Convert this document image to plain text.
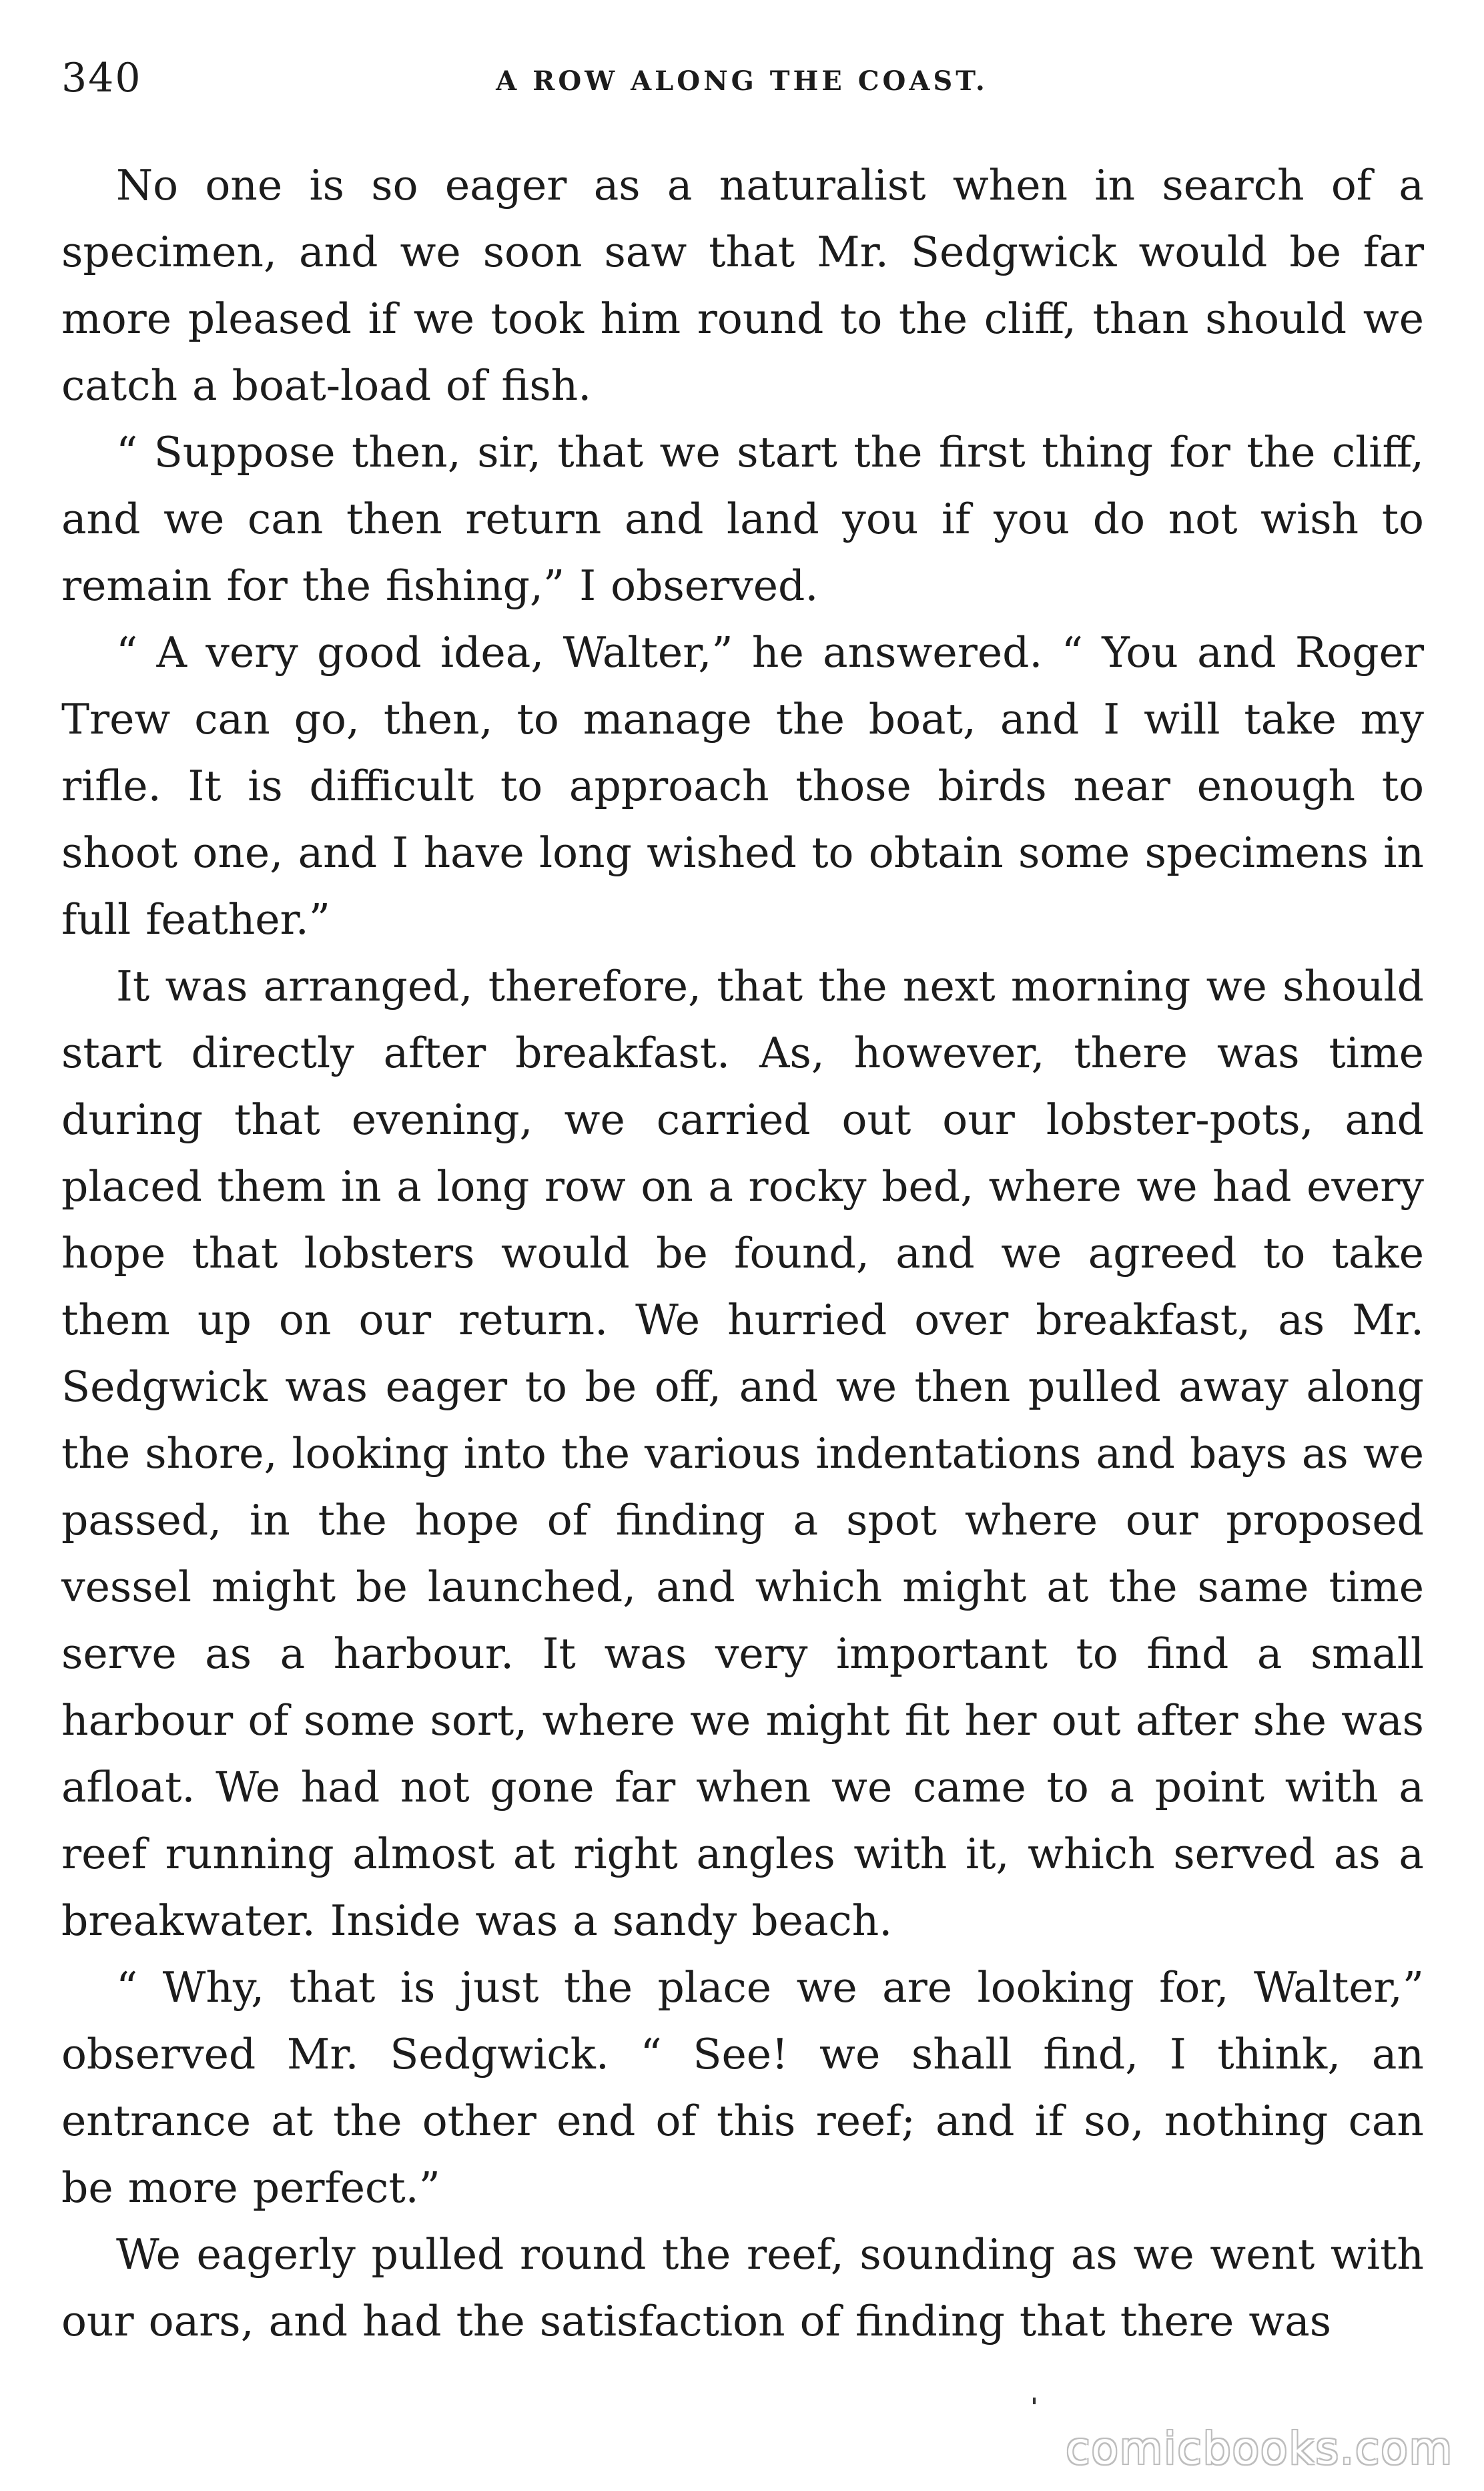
340	A ROW ALONG THE COAST.

No one is so eager as a naturalist when in search of a specimen, and we soon saw that Mr. Sedgwick would be far more pleased if we took him round to the cliff, than should we catch a boat-load of fish.

“ Suppose then, sir, that we start the first thing for the cliff, and we can then return and land you if you do not wish to remain for the fishing,” I observed.

“ A very good idea, Walter,” he answered. “ You and Roger Trew can go, then, to manage the boat, and I will take my rifle. It is difficult to approach those birds near enough to shoot one, and I have long wished to obtain some specimens in full feather.”

It was arranged, therefore, that the next morning we should start directly after breakfast. As, however, there was time during that evening, we carried out our lobster-pots, and placed them in a long row on a rocky bed, where we had every hope that lobsters would be found, and we agreed to take them up on our return. We hurried over breakfast, as Mr. Sedgwick was eager to be off, and we then pulled away along the shore, looking into the various indentations and bays as we passed, in the hope of finding a spot where our proposed vessel might be launched, and which might at the same time serve as a harbour. It was very important to find a small harbour of some sort, where we might fit her out after she was afloat. We had not gone far when we came to a point with a reef running almost at right angles with it, which served as a breakwater. Inside was a sandy beach.

“ Why, that is just the place we are looking for, Walter,” observed Mr. Sedgwick. “ See! we shall find, I think, an entrance at the other end of this reef; and if so, nothing can be more perfect.”

We eagerly pulled round the reef, sounding as we went with our oars, and had the satisfaction of finding that there was

comicbooks.com
